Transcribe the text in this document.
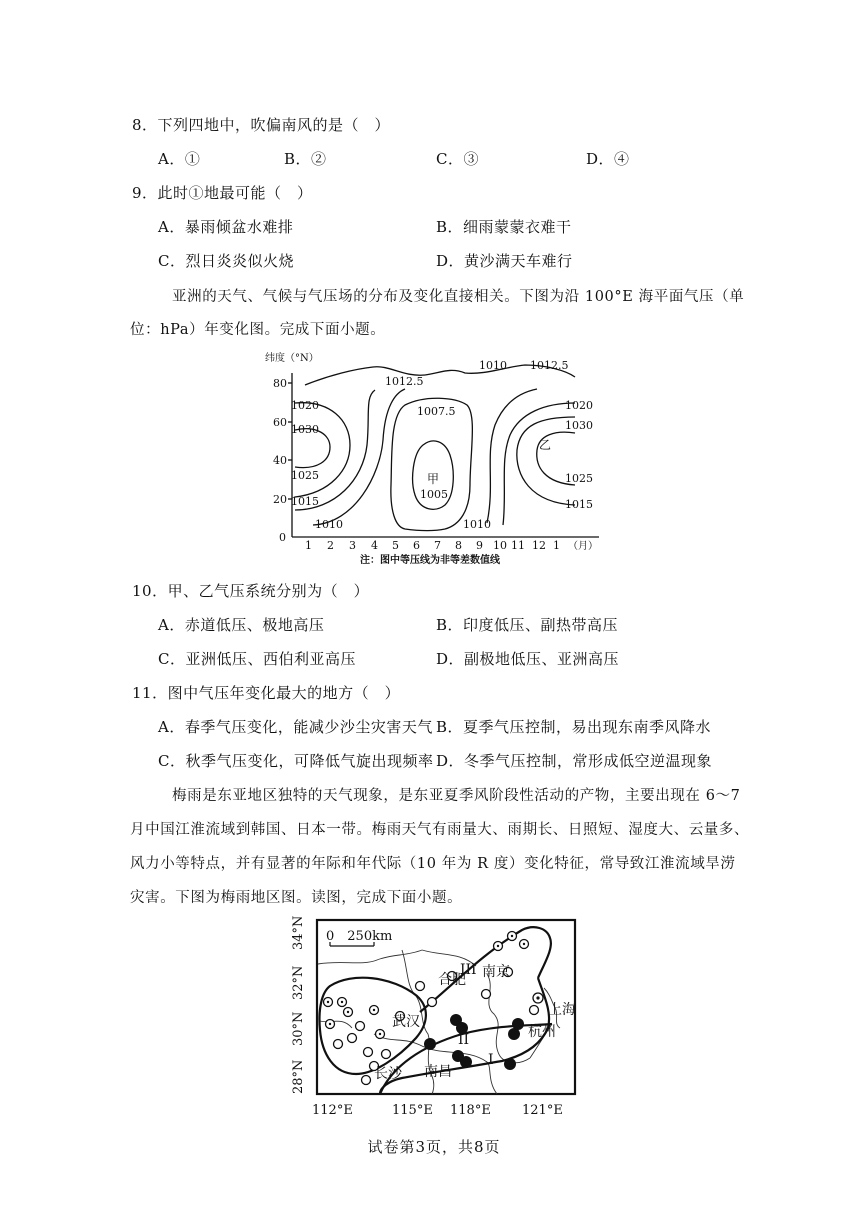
8．下列四地中，吹偏南风的是（　）
A．①	B．②	C．③	D．④
9．此时①地最可能（　）
A．暴雨倾盆水难排	B．细雨蒙蒙衣难干
C．烈日炎炎似火烧	D．黄沙满天车难行
亚洲的天气、气候与气压场的分布及变化直接相关。下图为沿 100°E 海平面气压（单
位：hPa）年变化图。完成下面小题。
纬度（°N）
80
60
40
20
0
1 2 3 4 5 6 7 8 9 10 11 12 1 （月）
注：图中等压线为非等差数值线
1010
1012.5
1012.5
1020
1030
1025
1015
1010
1007.5
1005
甲
1020
1030
乙
1025
1015
1010
10．甲、乙气压系统分别为（　）
A．赤道低压、极地高压	B．印度低压、副热带高压
C．亚洲低压、西伯利亚高压	D．副极地低压、亚洲高压
11．图中气压年变化最大的地方（　）
A．春季气压变化，能减少沙尘灾害天气 B．夏季气压控制，易出现东南季风降水
C．秋季气压变化，可降低气旋出现频率 D．冬季气压控制，常形成低空逆温现象
梅雨是东亚地区独特的天气现象，是东亚夏季风阶段性活动的产物，主要出现在 6～7
月中国江淮流域到韩国、日本一带。梅雨天气有雨量大、雨期长、日照短、湿度大、云量多、
风力小等特点，并有显著的年际和年代际（10 年为 R 度）变化特征，常导致江淮流域旱涝
灾害。下图为梅雨地区图。读图，完成下面小题。
0　250km
合肥 南京
上海
武汉
杭州
长沙 南昌
I
II
III
34°N
32°N
30°N
28°N
112°E	115°E 118°E 121°E
试卷第3页，共8页
